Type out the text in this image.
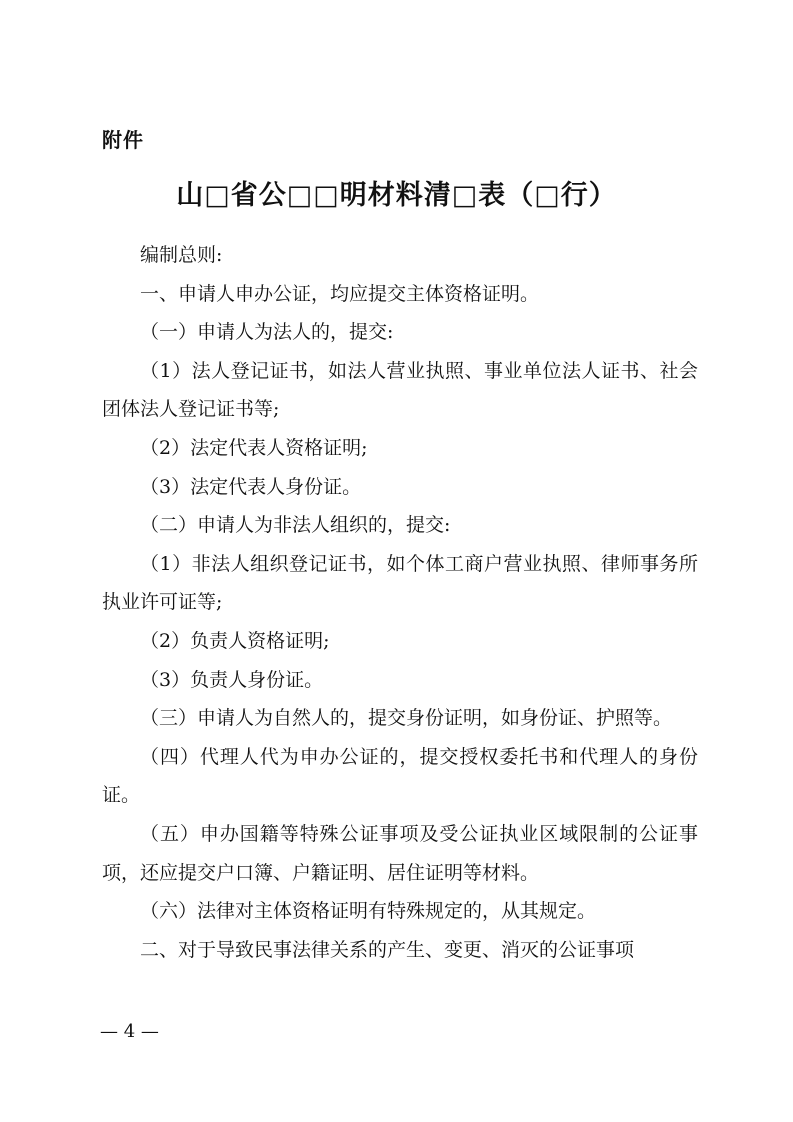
附件
山□省公□□明材料清□表（□行）

编制总则:

一、申请人申办公证，均应提交主体资格证明。

（一）申请人为法人的，提交:

（1）法人登记证书，如法人营业执照、事业单位法人证书、社会团体法人登记证书等;

（2）法定代表人资格证明;

（3）法定代表人身份证。

（二）申请人为非法人组织的，提交:

（1）非法人组织登记证书，如个体工商户营业执照、律师事务所执业许可证等;

（2）负责人资格证明;

（3）负责人身份证。

（三）申请人为自然人的，提交身份证明，如身份证、护照等。

（四）代理人代为申办公证的，提交授权委托书和代理人的身份证。

（五）申办国籍等特殊公证事项及受公证执业区域限制的公证事项，还应提交户口簿、户籍证明、居住证明等材料。

（六）法律对主体资格证明有特殊规定的，从其规定。

二、对于导致民事法律关系的产生、变更、消灭的公证事项

— 4 —
